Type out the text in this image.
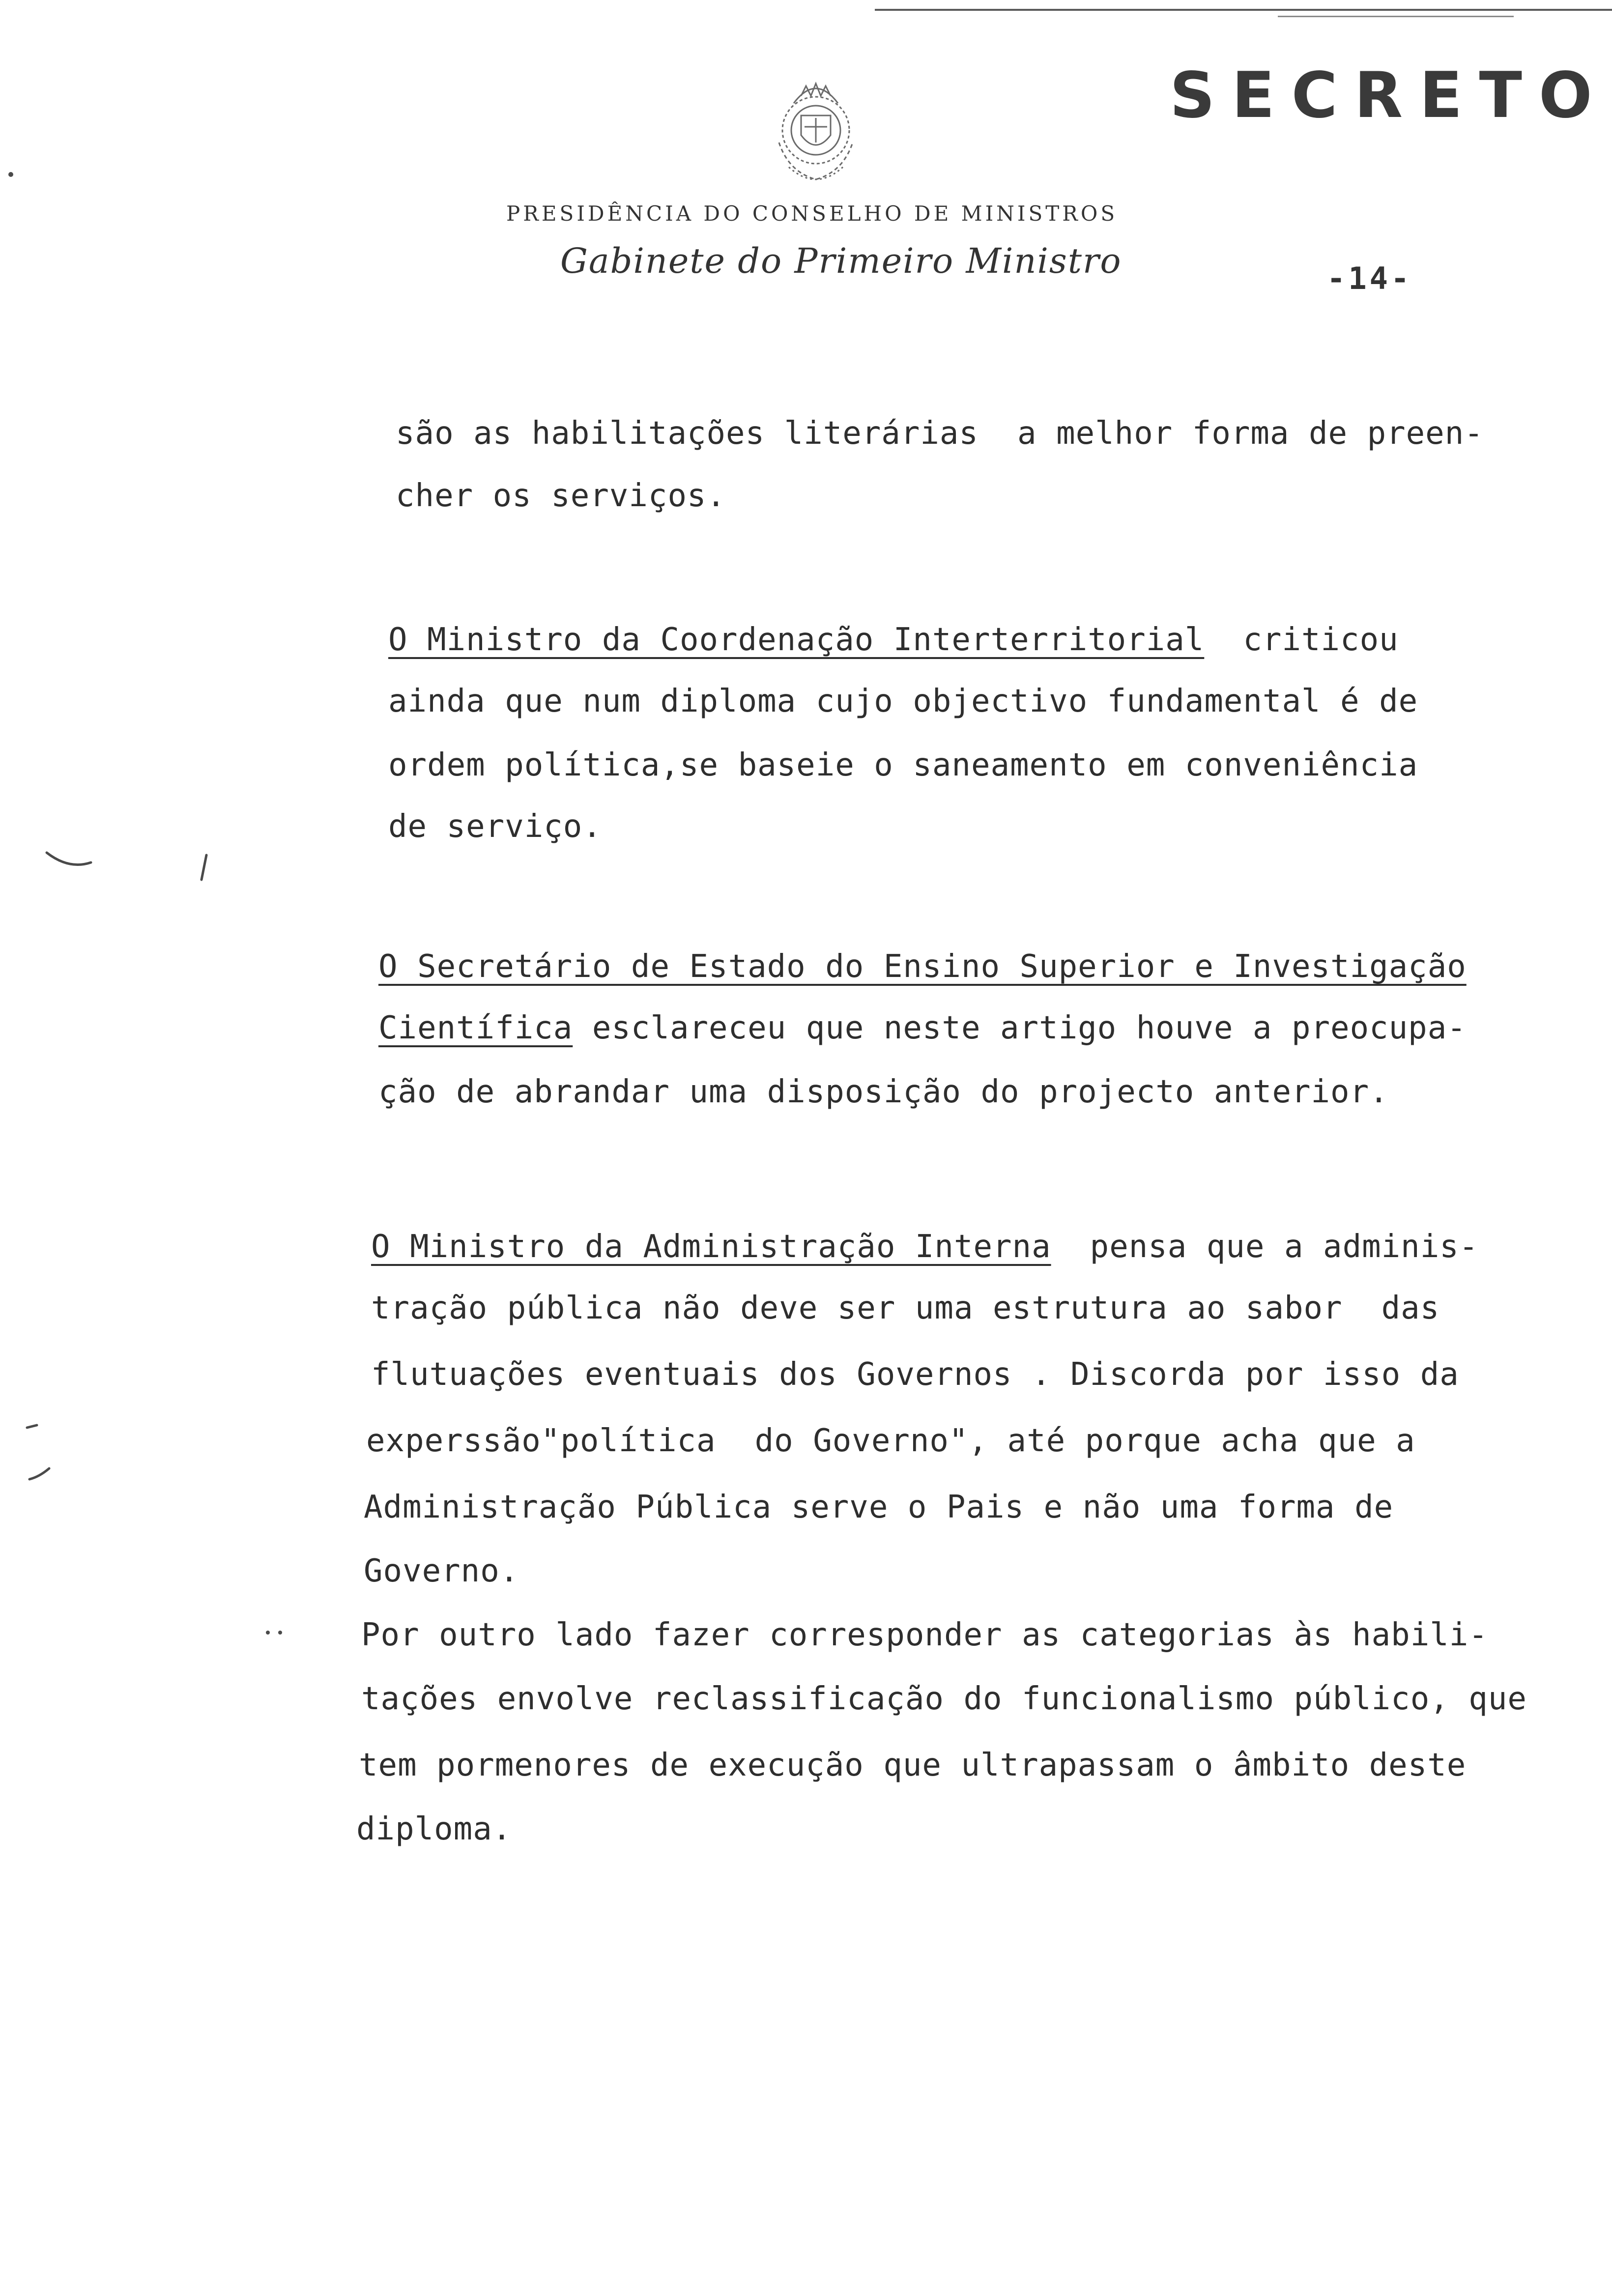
SECRETO
PRESIDÊNCIA DO CONSELHO DE MINISTROS
Gabinete do Primeiro Ministro	-14-
são as habilitações literárias  a melhor forma de preen-
cher os serviços.
O Ministro da Coordenação Interterritorial  criticou
ainda que num diploma cujo objectivo fundamental é de
ordem política,se baseie o saneamento em conveniência
de serviço.
O Secretário de Estado do Ensino Superior e Investigação
Científica esclareceu que neste artigo houve a preocupa-
ção de abrandar uma disposição do projecto anterior.
O Ministro da Administração Interna  pensa que a adminis-
tração pública não deve ser uma estrutura ao sabor  das
flutuações eventuais dos Governos . Discorda por isso da
experssão"política  do Governo", até porque acha que a
Administração Pública serve o Pais e não uma forma de
Governo.
Por outro lado fazer corresponder as categorias às habili-
tações envolve reclassificação do funcionalismo público, que
tem pormenores de execução que ultrapassam o âmbito deste
diploma.
